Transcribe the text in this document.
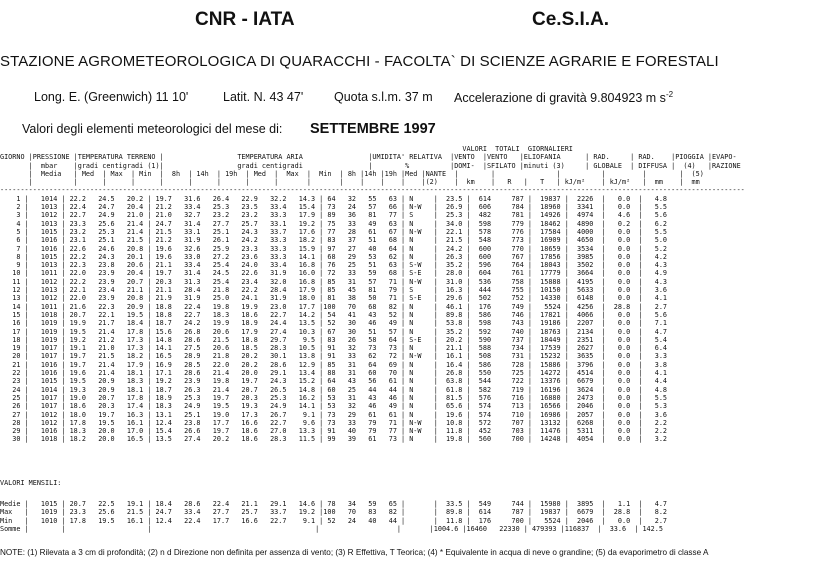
CNR - IATA	Ce.S.I.A.
STAZIONE AGROMETEOROLOGICA DI QUARACCHI - FACOLTA` DI SCIENZE AGRARIE E FORESTALI
Long. E. (Greenwich) 11 10'	Latit. N. 43 47' Quota s.l.m. 37 m Accelerazione di gravità 9.804923 m $s^{-2}$
Valori degli elementi meteorologici del mese di: SETTEMBRE 1997
VALORI  TOTALI  GIORNALIERI
GIORNO |PRESSIONE |TEMPERATURA TERRENO |                  TEMPERATURA ARIA                |UMIDITA' RELATIVA  |VENTO  |VENTO   |ELIOFANIA      | RAD.     | RAD.    |PIOGGIA |EVAPO-
|  mbar    |gradi centigradi (1)|                  gradi centigradi                |        %          |DOMI-  |SFILATO |minuti (3)     | GLOBALE  | DIFFUSA |  (4)   |RAZIONE
|  Media   | Med  | Max  | Min  |  8h  | 14h  | 19h  | Med  |  Max  |  Min  | 8h |14h |19h |Med |NANTE  |        |               |          |         |        |  (5)
|          |      |      |      |      |      |      |      |       |       |    |    |    |    |(2)    |  km    |   R   |   T   | kJ/m²    | kJ/m²   |  mm    |  mm
--------------------------------------------------------------------------------------------------------------------------------------------------------------------------------------
1 |   1014 | 22.2   24.5   20.2 | 19.7   31.6   26.4   22.9   32.2   14.3 | 64   32   55   63 | N     |  23.5 |  614     787 |  19837 |  2226  |   0.0  |   4.8
2 |   1013 | 22.4   24.7   20.4 | 21.2   33.4   25.3   23.5   33.4   15.4 | 73   24   57   66 | N-W   |  26.9 |  606     784 |  18960 |  3341  |   0.0  |   5.5
3 |   1012 | 22.7   24.9   21.0 | 21.0   32.7   23.2   23.2   33.3   17.9 | 89   36   81   77 | S     |  25.3 |  482     781 |  14926 |  4974  |   4.6  |   5.6
4 |   1013 | 23.3   25.6   21.4 | 24.7   31.4   27.7   25.7   33.1   19.2 | 75   33   49   63 | N     |  34.0 |  598     779 |  18462 |  4890  |   0.2  |   6.2
5 |   1015 | 23.2   25.3   21.4 | 21.5   33.1   25.1   24.3   33.7   17.6 | 77   28   61   67 | N-W   |  22.1 |  578     776 |  17584 |  4000  |   0.0  |   5.5
6 |   1016 | 23.1   25.1   21.5 | 21.2   31.9   26.1   24.2   33.3   18.2 | 83   37   51   68 | N     |  21.5 |  548     773 |  16909 |  4650  |   0.0  |   5.0
7 |   1016 | 22.6   24.6   20.8 | 19.6   32.6   25.9   23.3   33.3   15.9 | 97   27   40   64 | N     |  24.2 |  600     770 |  18659 |  3534  |   0.0  |   5.2
8 |   1015 | 22.2   24.3   20.1 | 19.6   33.0   27.2   23.6   33.3   14.1 | 68   29   53   62 | N     |  26.3 |  600     767 |  17856 |  3985  |   0.0  |   4.2
9 |   1013 | 22.3   23.8   20.6 | 21.1   33.4   25.4   24.0   33.4   16.8 | 76   25   51   63 | S-W   |  35.2 |  596     764 |  18043 |  3502  |   0.0  |   4.3
10 |   1011 | 22.0   23.9   20.4 | 19.7   31.4   24.5   22.6   31.9   16.0 | 72   33   59   68 | S-E   |  28.0 |  604     761 |  17779 |  3664  |   0.0  |   4.9
11 |   1012 | 22.2   23.9   20.7 | 20.3   31.3   25.4   23.4   32.0   16.8 | 85   31   57   71 | N-W   |  31.0 |  536     758 |  15888 |  4195  |   0.0  |   4.3
12 |   1013 | 22.1   23.4   21.1 | 21.1   28.4   21.8   22.2   28.4   17.9 | 85   45   81   79 | S     |  16.3 |  444     755 |  10150 |  5633  |   0.0  |   3.6
13 |   1012 | 22.0   23.9   20.8 | 21.9   31.9   25.0   24.1   31.9   18.0 | 81   38   50   71 | S-E   |  29.6 |  502     752 |  14330 |  6148  |   0.0  |   4.1
14 |   1011 | 21.6   22.3   20.9 | 18.8   22.4   19.8   19.9   23.0   17.7 |100   70   68   82 | N     |  46.1 |  176     749 |   5524 |  4256  |  28.8  |   2.7
15 |   1018 | 20.7   22.1   19.5 | 18.8   22.7   18.3   18.6   22.7   14.2 | 54   41   43   52 | N     |  89.8 |  586     746 |  17821 |  4066  |   0.0  |   5.6
16 |   1019 | 19.9   21.7   18.4 | 18.7   24.2   19.9   18.9   24.4   13.5 | 52   30   46   49 | N     |  53.8 |  598     743 |  19186 |  2207  |   0.0  |   7.1
17 |   1019 | 19.5   21.4   17.8 | 15.6   26.8   20.6   17.9   27.4   10.3 | 67   30   51   57 | N     |  35.2 |  592     740 |  18763 |  2134  |   0.0  |   4.7
18 |   1019 | 19.2   21.2   17.3 | 14.8   28.6   21.5   18.8   29.7    9.5 | 83   26   58   64 | S-E   |  20.2 |  590     737 |  18449 |  2351  |   0.0  |   5.4
19 |   1017 | 19.1   21.0   17.3 | 14.1   27.5   20.6   18.5   28.3   10.5 | 91   32   73   73 | N     |  21.1 |  588     734 |  17539 |  2627  |   0.0  |   6.4
20 |   1017 | 19.7   21.5   18.2 | 16.5   28.9   21.8   20.2   30.1   13.8 | 91   33   62   72 | N-W   |  16.1 |  508     731 |  15232 |  3635  |   0.0  |   3.3
21 |   1016 | 19.7   21.4   17.9 | 16.9   28.5   22.0   20.2   28.6   12.9 | 85   31   64   69 | N     |  16.4 |  586     728 |  15886 |  3796  |   0.0  |   3.8
22 |   1016 | 19.6   21.4   18.1 | 17.1   28.6   21.4   20.0   29.1   13.4 | 88   31   60   70 | N     |  26.8 |  550     725 |  14272 |  4514  |   0.0  |   4.1
23 |   1015 | 19.5   20.9   18.3 | 19.2   23.9   19.8   19.7   24.3   15.2 | 64   43   56   61 | N     |  63.8 |  544     722 |  13376 |  6679  |   0.0  |   4.4
24 |   1014 | 19.3   20.9   18.1 | 18.7   26.3   21.4   20.7   26.5   14.8 | 60   25   44   44 | N     |  61.8 |  582     719 |  16196 |  3624  |   0.0  |   4.8
25 |   1017 | 19.0   20.7   17.8 | 18.9   25.3   19.7   20.3   25.3   16.2 | 53   31   43   46 | N     |  81.5 |  576     716 |  16880 |  2473  |   0.0  |   5.5
26 |   1017 | 18.6   20.3   17.4 | 18.3   24.9   19.5   19.3   24.9   14.1 | 53   32   46   49 | N     |  65.6 |  574     713 |  16566 |  2046  |   0.0  |   5.3
27 |   1012 | 18.0   19.7   16.3 | 13.1   25.1   19.0   17.3   26.7    9.1 | 73   29   61   61 | N     |  19.6 |  574     710 |  16986 |  2057  |   0.0  |   3.6
28 |   1012 | 17.8   19.5   16.1 | 12.4   23.8   17.7   16.6   22.7    9.6 | 73   33   79   71 | N-W   |  10.8 |  572     707 |  13132 |  6268  |   0.0  |   2.2
29 |   1016 | 18.3   20.0   17.0 | 15.4   26.6   19.7   18.6   27.0   13.3 | 91   40   79   77 | N-W   |  11.8 |  452     703 |  11476 |  5311  |   0.0  |   2.2
30 |   1018 | 18.2   20.0   16.5 | 13.5   27.4   20.2   18.6   28.3   11.5 | 99   39   61   73 | N     |  19.8 |  560     700 |  14248 |  4054  |   0.0  |   3.2
VALORI MENSILI:
Medie |   1015 | 20.7   22.5   19.1 | 18.4   28.6   22.4   21.1   29.1   14.6 | 78   34   59   65 |       |  33.5 |  549     744 |  15980 |  3895  |   1.1  |   4.7
Max   |   1019 | 23.3   25.6   21.5 | 24.7   33.4   27.7   25.7   33.7   19.2 |100   70   83   82 |       |  89.8 |  614     787 |  19837 |  6679  |  28.8  |   8.2
Min   |   1010 | 17.8   19.5   16.1 | 12.4   22.4   17.7   16.6   22.7    9.1 | 52   24   40   44 |       |  11.8 |  176     700 |   5524 |  2046  |   0.0  |   2.7
Somme |        |                    |                                        |                   |       |1004.6 |16460   22330 | 479393 |116837  |  33.6  | 142.5
NOTE: (1) Rilevata a 3 cm di profondità; (2) n d Direzione non definita per assenza di vento; (3) R Effettiva, T Teorica; (4) * Equivalente in acqua di neve o grandine; (5) da evaporimetro di classe A
